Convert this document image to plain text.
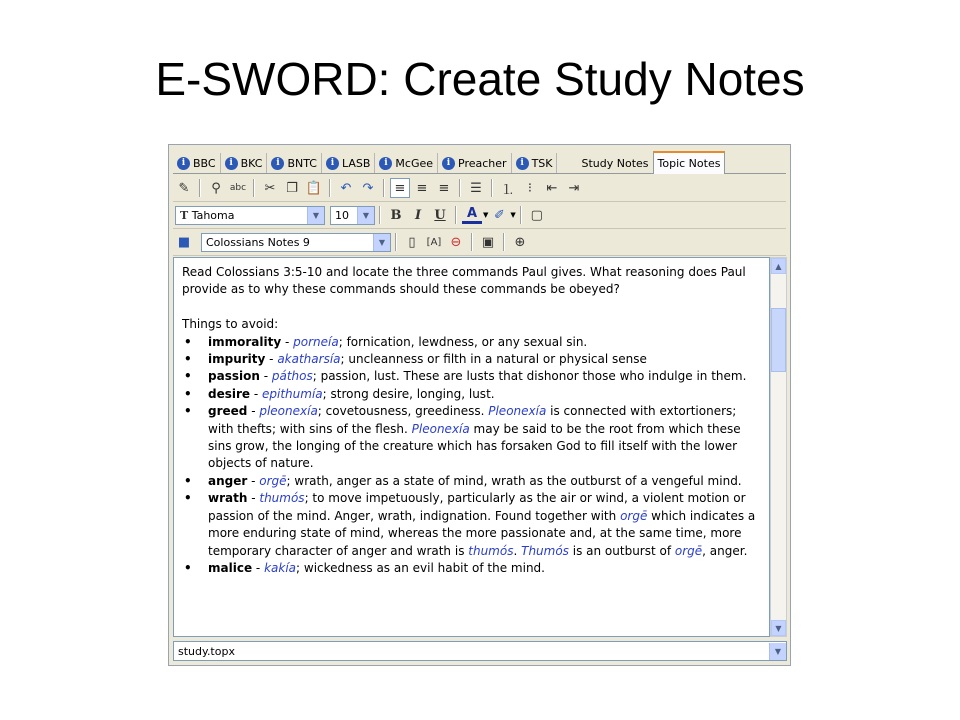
E-SWORD: Create Study Notes
i BBC	i BKC	i BNTC	i LASB	i McGee	i Preacher	i TSK	Study Notes Topic Notes
✎	⚲	abc	✂ ❐ 📋	↶ ↷	≡ ≡ ≡	☰	⒈	⁝	⇤ ⇥
T Tahoma	▼	10	▼	B	I	U	A ▼ ✐ ▼ ▢
■	Colossians Notes 9	▼	▯	[A] ⊖	▣	⊕

Read Colossians 3:5-10 and locate the three commands Paul gives. What reasoning does Paul provide as to why these commands should these commands be obeyed?

Things to avoid:

• immorality - porneía; fornication, lewdness, or any sexual sin.
• impurity - akatharsía; uncleanness or filth in a natural or physical sense
• passion - páthos; passion, lust. These are lusts that dishonor those who indulge in them.
• desire - epithumía; strong desire, longing, lust.
• greed - pleonexía; covetousness, greediness. Pleonexía is connected with extortioners; with thefts; with sins of the flesh. Pleonexía may be said to be the root from which these sins grow, the longing of the creature which has forsaken God to fill itself with the lower objects of nature.
• anger - orgē; wrath, anger as a state of mind, wrath as the outburst of a vengeful mind.
• wrath - thumós; to move impetuously, particularly as the air or wind, a violent motion or passion of the mind. Anger, wrath, indignation. Found together with orgē which indicates a more enduring state of mind, whereas the more passionate and, at the same time, more temporary character of anger and wrath is thumós. Thumós is an outburst of orgē, anger.
• malice - kakía; wickedness as an evil habit of the mind.
▲
▼
study.topx	▼
